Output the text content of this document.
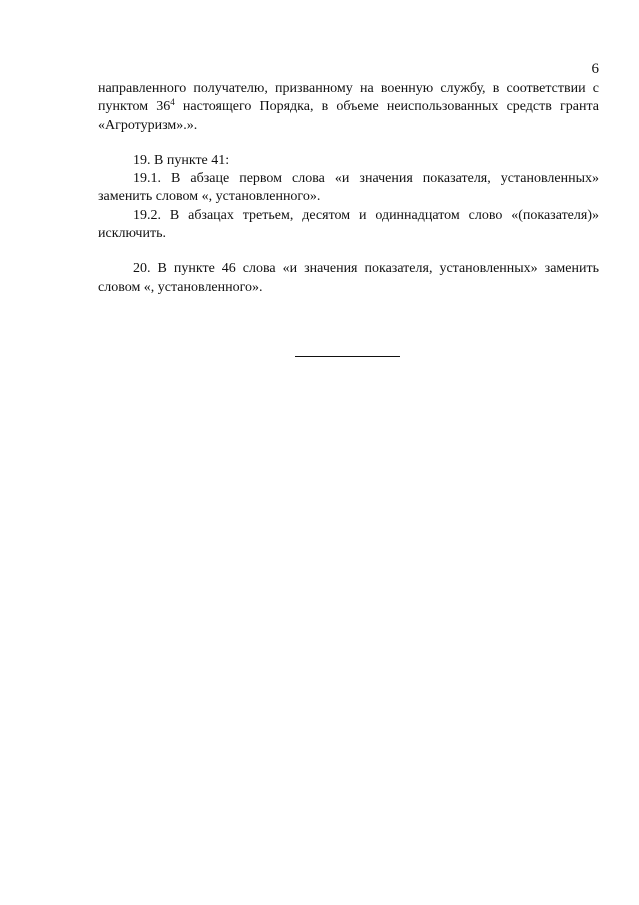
6

направленного получателю, призванному на военную службу, в соответствии с пунктом $36^4$ настоящего Порядка, в объеме неиспользованных средств гранта «Агротуризм».».

19. В пункте 41:

19.1. В абзаце первом слова «и значения показателя, установленных» заменить словом «, установленного».

19.2. В абзацах третьем, десятом и одиннадцатом слово «(показателя)» исключить.

20. В пункте 46 слова «и значения показателя, установленных» заменить словом «, установленного».
